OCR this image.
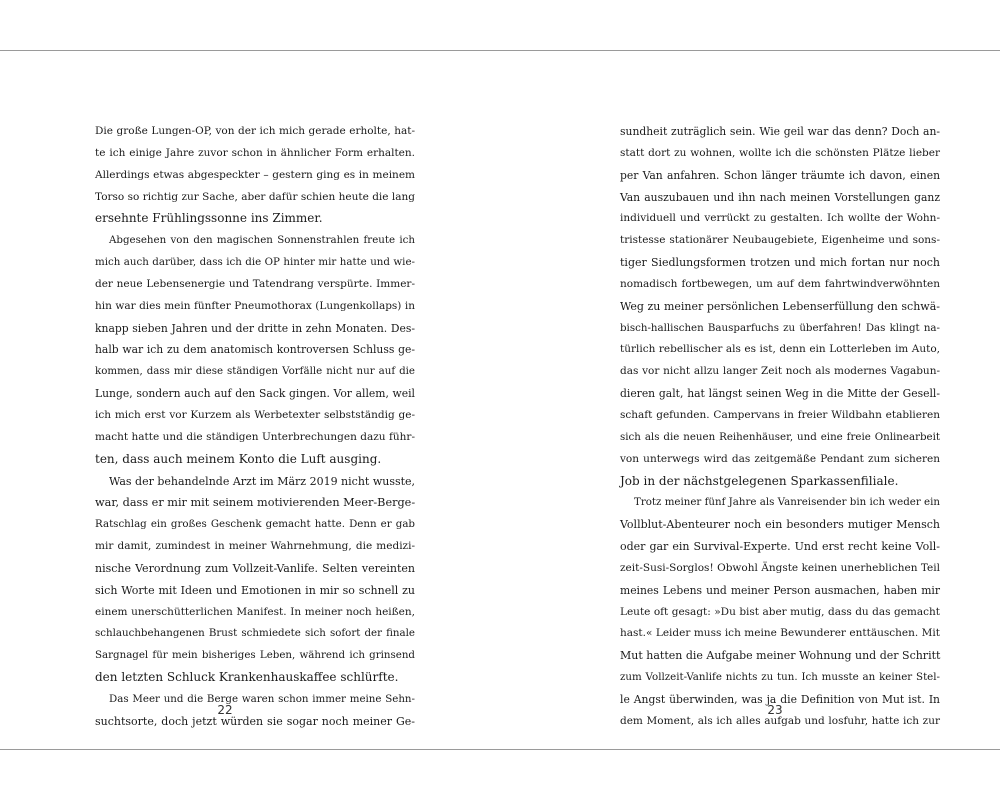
Die große Lungen-OP, von der ich mich gerade erholte, hat-
te ich einige Jahre zuvor schon in ähnlicher Form erhalten.
Allerdings etwas abgespeckter – gestern ging es in meinem
Torso so richtig zur Sache, aber dafür schien heute die lang
ersehnte Frühlingssonne ins Zimmer.
Abgesehen von den magischen Sonnenstrahlen freute ich
mich auch darüber, dass ich die OP hinter mir hatte und wie-
der neue Lebensenergie und Tatendrang verspürte. Immer-
hin war dies mein fünfter Pneumothorax (Lungenkollaps) in
knapp sieben Jahren und der dritte in zehn Monaten. Des-
halb war ich zu dem anatomisch kontroversen Schluss ge-
kommen, dass mir diese ständigen Vorfälle nicht nur auf die
Lunge, sondern auch auf den Sack gingen. Vor allem, weil
ich mich erst vor Kurzem als Werbetexter selbstständig ge-
macht hatte und die ständigen Unterbrechungen dazu führ-
ten, dass auch meinem Konto die Luft ausging.
Was der behandelnde Arzt im März 2019 nicht wusste,
war, dass er mir mit seinem motivierenden Meer-Berge-
Ratschlag ein großes Geschenk gemacht hatte. Denn er gab
mir damit, zumindest in meiner Wahrnehmung, die medizi-
nische Verordnung zum Vollzeit-Vanlife. Selten vereinten
sich Worte mit Ideen und Emotionen in mir so schnell zu
einem unerschütterlichen Manifest. In meiner noch heißen,
schlauchbehangenen Brust schmiedete sich sofort der finale
Sargnagel für mein bisheriges Leben, während ich grinsend
den letzten Schluck Krankenhauskaffee schlürfte.
Das Meer und die Berge waren schon immer meine Sehn-
suchtsorte, doch jetzt würden sie sogar noch meiner Ge-
22
sundheit zuträglich sein. Wie geil war das denn? Doch an-
statt dort zu wohnen, wollte ich die schönsten Plätze lieber
per Van anfahren. Schon länger träumte ich davon, einen
Van auszubauen und ihn nach meinen Vorstellungen ganz
individuell und verrückt zu gestalten. Ich wollte der Wohn-
tristesse stationärer Neubaugebiete, Eigenheime und sons-
tiger Siedlungsformen trotzen und mich fortan nur noch
nomadisch fortbewegen, um auf dem fahrtwindverwöhnten
Weg zu meiner persönlichen Lebenserfüllung den schwä-
bisch-hallischen Bausparfuchs zu überfahren! Das klingt na-
türlich rebellischer als es ist, denn ein Lotterleben im Auto,
das vor nicht allzu langer Zeit noch als modernes Vagabun-
dieren galt, hat längst seinen Weg in die Mitte der Gesell-
schaft gefunden. Campervans in freier Wildbahn etablieren
sich als die neuen Reihenhäuser, und eine freie Onlinearbeit
von unterwegs wird das zeitgemäße Pendant zum sicheren
Job in der nächstgelegenen Sparkassenfiliale.
Trotz meiner fünf Jahre als Vanreisender bin ich weder ein
Vollblut-Abenteurer noch ein besonders mutiger Mensch
oder gar ein Survival-Experte. Und erst recht keine Voll-
zeit-Susi-Sorglos! Obwohl Ängste keinen unerheblichen Teil
meines Lebens und meiner Person ausmachen, haben mir
Leute oft gesagt: »Du bist aber mutig, dass du das gemacht
hast.« Leider muss ich meine Bewunderer enttäuschen. Mit
Mut hatten die Aufgabe meiner Wohnung und der Schritt
zum Vollzeit-Vanlife nichts zu tun. Ich musste an keiner Stel-
le Angst überwinden, was ja die Definition von Mut ist. In
dem Moment, als ich alles aufgab und losfuhr, hatte ich zur
23
